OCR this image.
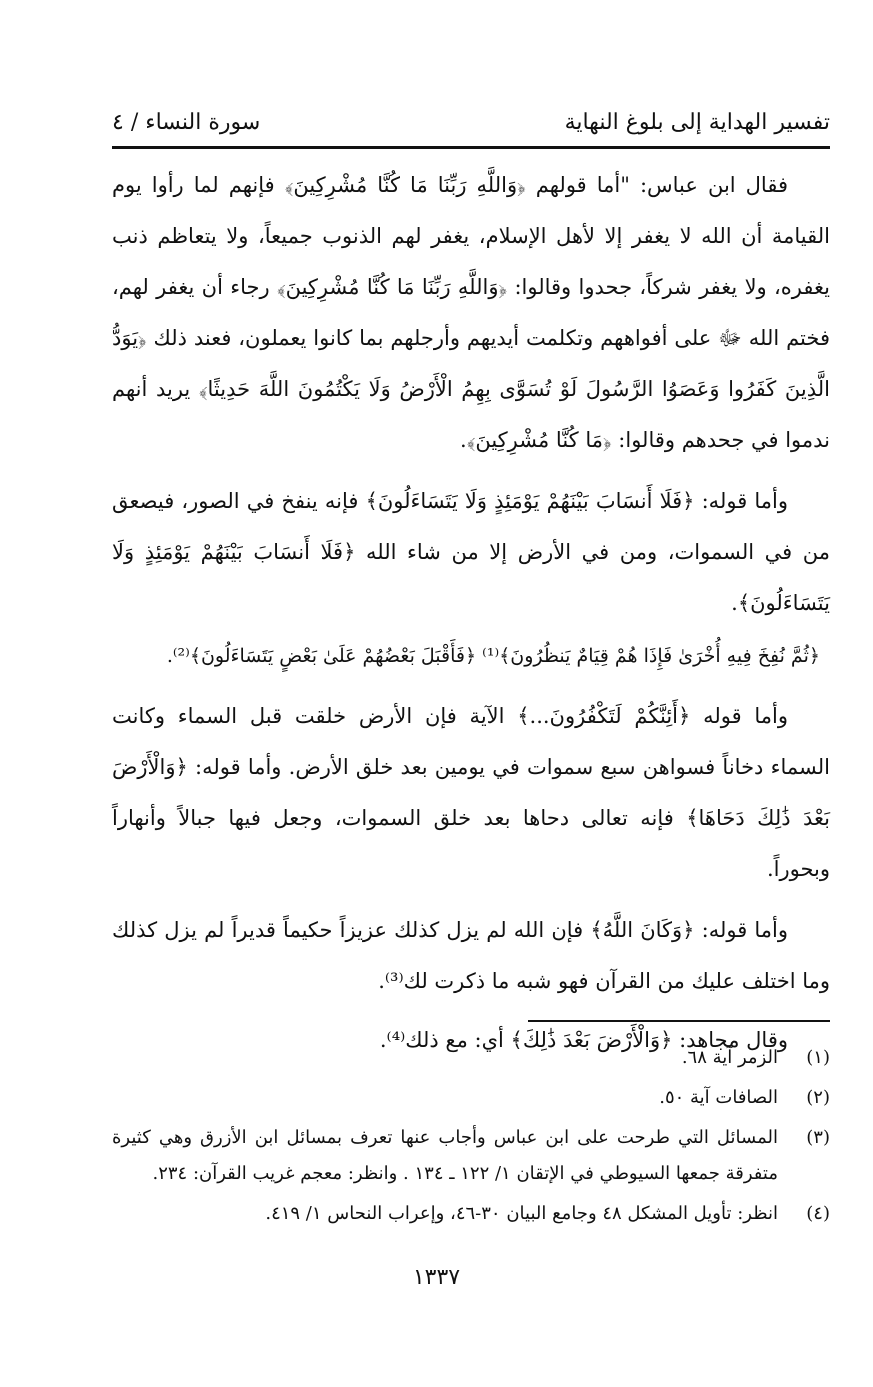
تفسير الهداية إلى بلوغ النهاية
سورة النساء / ٤

فقال ابن عباس: "أما قولهم ﴿وَاللَّهِ رَبِّنَا مَا كُنَّا مُشْرِكِينَ﴾ فإنهم لما رأوا يوم القيامة أن الله لا يغفر إلا لأهل الإسلام، يغفر لهم الذنوب جميعاً، ولا يتعاظم ذنب يغفره، ولا يغفر شركاً، جحدوا وقالوا: ﴿وَاللَّهِ رَبِّنَا مَا كُنَّا مُشْرِكِينَ﴾ رجاء أن يغفر لهم، فختم الله ﷻ على أفواههم وتكلمت أيديهم وأرجلهم بما كانوا يعملون، فعند ذلك ﴿يَوَدُّ الَّذِينَ كَفَرُوا وَعَصَوُا الرَّسُولَ لَوْ تُسَوَّى بِهِمُ الْأَرْضُ وَلَا يَكْتُمُونَ اللَّهَ حَدِيثًا﴾ يريد أنهم ندموا في جحدهم وقالوا: ﴿مَا كُنَّا مُشْرِكِينَ﴾.

وأما قوله: ﴿فَلَا أَنسَابَ بَيْنَهُمْ يَوْمَئِذٍ وَلَا يَتَسَاءَلُونَ﴾ فإنه ينفخ في الصور، فيصعق من في السموات، ومن في الأرض إلا من شاء الله ﴿فَلَا أَنسَابَ بَيْنَهُمْ يَوْمَئِذٍ وَلَا يَتَسَاءَلُونَ﴾.

﴿ثُمَّ نُفِخَ فِيهِ أُخْرَىٰ فَإِذَا هُمْ قِيَامٌ يَنظُرُونَ﴾⁽¹⁾ ﴿فَأَقْبَلَ بَعْضُهُمْ عَلَىٰ بَعْضٍ يَتَسَاءَلُونَ﴾⁽²⁾.

وأما قوله ﴿أَئِنَّكُمْ لَتَكْفُرُونَ...﴾ الآية فإن الأرض خلقت قبل السماء وكانت السماء دخاناً فسواهن سبع سموات في يومين بعد خلق الأرض. وأما قوله: ﴿وَالْأَرْضَ بَعْدَ ذَٰلِكَ دَحَاهَا﴾ فإنه تعالى دحاها بعد خلق السموات، وجعل فيها جبالاً وأنهاراً وبحوراً.

وأما قوله: ﴿وَكَانَ اللَّهُ﴾ فإن الله لم يزل كذلك عزيزاً حكيماً قديراً لم يزل كذلك وما اختلف عليك من القرآن فهو شبه ما ذكرت لك⁽³⁾.

وقال مجاهد: ﴿وَالْأَرْضَ بَعْدَ ذَٰلِكَ﴾ أي: مع ذلك⁽⁴⁾.

(١)
الزمر آية ٦٨.
(٢)
الصافات آية ٥٠.
(٣)
المسائل التي طرحت على ابن عباس وأجاب عنها تعرف بمسائل ابن الأزرق وهي كثيرة متفرقة جمعها السيوطي في الإتقان ١/ ١٢٢ ـ ١٣٤ . وانظر: معجم غريب القرآن: ٢٣٤.
(٤)
انظر: تأويل المشكل ٤٨ وجامع البيان ٣٠-٤٦، وإعراب النحاس ١/ ٤١٩.
١٣٣٧
